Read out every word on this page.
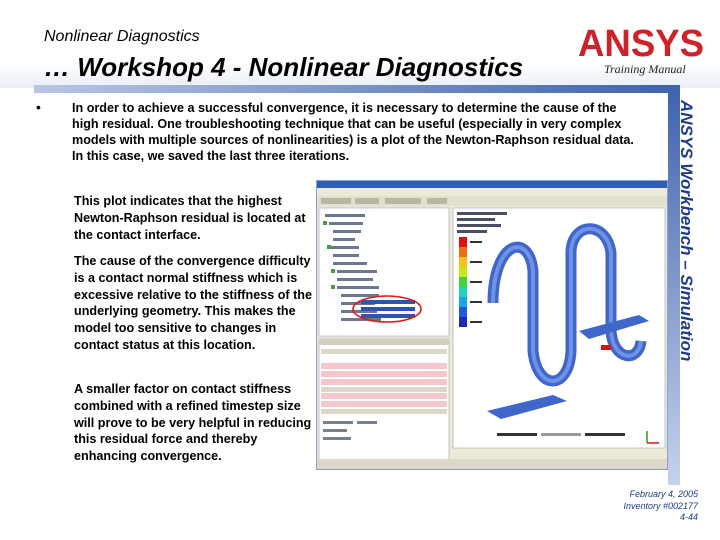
Nonlinear Diagnostics
… Workshop 4 - Nonlinear Diagnostics
ANSYS
Training Manual
ANSYS Workbench – Simulation
• In order to achieve a successful convergence, it is necessary to determine the cause of the high residual. One troubleshooting technique that can be useful (especially in very complex models with multiple sources of nonlinearities) is a plot of the Newton-Raphson residual data. In this case, we saved the last three iterations.
This plot indicates that the highest Newton-Raphson residual is located at the contact interface.
The cause of the convergence difficulty is a contact normal stiffness which is excessive relative to the stiffness of the underlying geometry. This makes the model too sensitive to changes in contact status at this location.
A smaller factor on contact stiffness combined with a refined timestep size will prove to be very helpful in reducing this residual force and thereby enhancing convergence.
February 4, 2005
Inventory #002177
4-44
